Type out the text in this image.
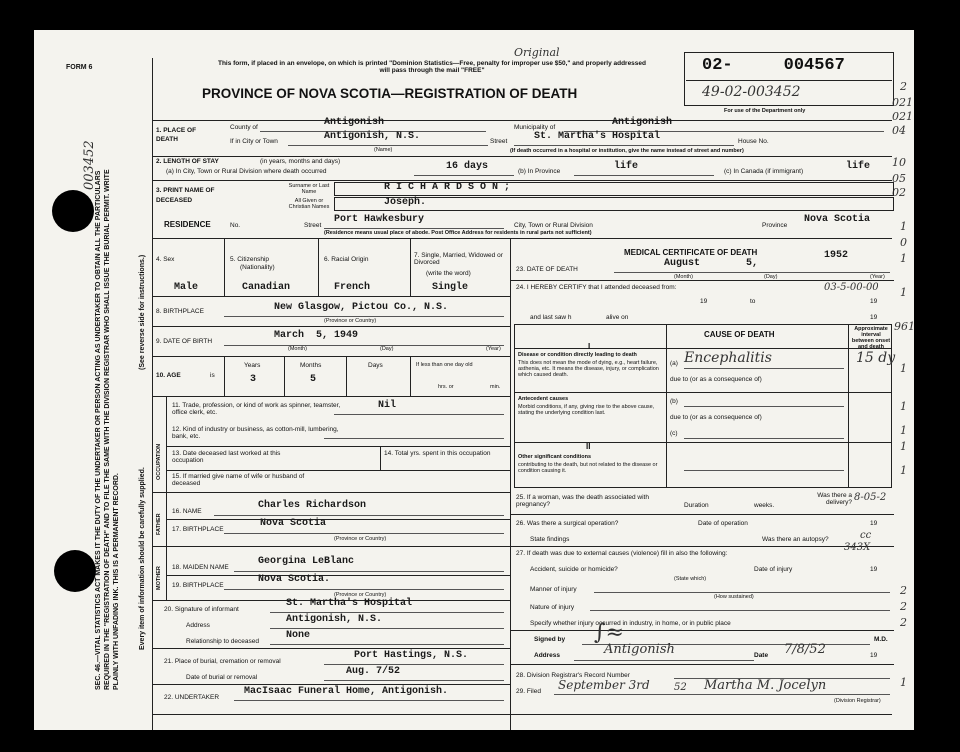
003452
SEC. 46.—VITAL STATISTICS ACT MAKES IT THE DUTY OF THE UNDERTAKER OR PERSON ACTING AS UNDERTAKER TO OBTAIN ALL THE PARTICULARS REQUIRED IN THE "REGISTRATION OF DEATH" AND TO FILE THE SAME WITH THE DIVISION REGISTRAR WHO SHALL ISSUE THE BURIAL PERMIT. WRITE PLAINLY WITH UNFADING INK. THIS IS A PERMANENT RECORD.	Every item of information should be carefully supplied.
(See reverse side for instructions.)
FORM 6
This form, if placed in an envelope, on which is printed "Dominion Statistics—Free, penalty for improper use $50," and properly addressed will pass through the mail "FREE"
Original
PROVINCE OF NOVA SCOTIA—REGISTRATION OF DEATH
02-     004567
49-02-003452
For use of the Department only
2
021
021
04
10
05
02
1
0
1
1
961
1
1
1
1
1
2
2
2
1
1. PLACE OF DEATH
County of	Antigonish	Municipality of	Antigonish
If in City or Town	Antigonish, N.S.
(Name)
Street	St. Martha's Hospital	House No.
(If death occurred in a hospital or institution, give the name instead of street and number)
2. LENGTH OF STAY	(in years, months and days)
(a) In City, Town or Rural Division where death occurred	16 days	(b) In Province	life	(c) In Canada (if immigrant)	life
3. PRINT NAME OF DECEASED
Surname or Last Name	RICHARDSON;
All Given or Christian Names	Joseph.
RESIDENCE	No.	Street
Port Hawkesbury
City, Town or Rural Division	Province
Nova Scotia
(Residence means usual place of abode. Post Office Address for residents in rural parts not sufficient)
4. Sex
Male
5. Citizenship
(Nationality)
Canadian
6. Racial Origin
French
7. Single, Married, Widowed or Divorced
(write the word)
Single
8. BIRTHPLACE	New Glasgow, Pictou Co., N.S.
(Province or Country)
9. DATE OF BIRTH
March  5, 1949
(Month)	(Day)	(Year)
10. AGE	is
Years
3
Months
5
Days	If less than one day old
hrs. or	min.
OCCUPATION
11. Trade, profession, or kind of work as spinner, teamster, office clerk, etc.
Nil
12. Kind of industry or business, as cotton-mill, lumbering, bank, etc.
13. Date deceased last worked at this occupation
14. Total yrs. spent in this occupation
15. If married give name of wife or husband of deceased
FATHER
MOTHER
16. NAME
Charles Richardson
17. BIRTHPLACE
Nova Scotia
(Province or Country)
18. MAIDEN NAME
Georgina LeBlanc
19. BIRTHPLACE
Nova Scotia.
(Province or Country)
20. Signature of informant
St. Martha's Hospital
Address
Antigonish, N.S.
Relationship to deceased
None
21. Place of burial, cremation or removal
Port Hastings, N.S.
Date of burial or removal
Aug. 7/52
22. UNDERTAKER
MacIsaac Funeral Home, Antigonish.
MEDICAL CERTIFICATE OF DEATH
23. DATE OF DEATH
August	5,
1952
(Month)	(Day)	(Year)
24. I HEREBY CERTIFY that I attended deceased from:	03-5-00-00
19	to	19
and last saw h	alive on	19
CAUSE OF DEATH
Approximate interval between onset and death
I
Disease or condition directly leading to death
This does not mean the mode of dying, e.g., heart failure, asthenia, etc. It means the disease, injury, or complication which caused death.
(a) Encephalitis	15 dy
due to (or as a consequence of)
Antecedent causes
Morbid conditions, if any, giving rise to the above cause, stating the underlying condition last.
(b)
due to (or as a consequence of)
(c)
II
Other significant conditions
contributing to the death, but not related to the disease or condition causing it.
25. If a woman, was the death associated with pregnancy?	Duration	weeks.
Was there a delivery? 8-05-2
26. Was there a surgical operation?	Date of operation	19
State findings	Was there an autopsy?	cc
27. If death was due to external causes (violence) fill in also the following:
343X
Accident, suicide or homicide?	Date of injury	19
(State which)
Manner of injury
(How sustained)
Nature of injury
Specify whether injury occurred in industry, in home, or in public place
Signed by ∫≈	M.D.
Address	Antigonish	Date 7/8/52	19
28. Division Registrar's Record Number
29. Filed September 3rd 52 Martha M. Jocelyn
(Division Registrar)
